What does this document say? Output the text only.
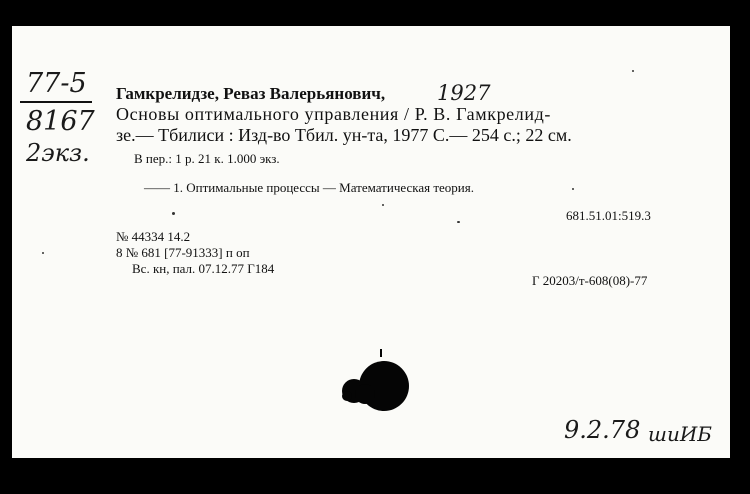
77-5
8167
2экз.
Гамкрелидзе, Реваз Валерьянович, 1927
Основы оптимального управления / Р. В. Гамкрелид-
зе.— Тбилиси : Изд-во Тбил. ун-та, 1977 С.— 254 с.; 22 см.
В пер.: 1 р. 21 к. 1.000 экз.
—— 1. Оптимальные процессы — Математическая теория.
681.51.01:519.3
№ 44334 14.2
8 № 681 [77-91333] п оп
Вс. кн, пал. 07.12.77 Г184
Г 20203/т-608(08)-77
9.2.78 шиИБ
